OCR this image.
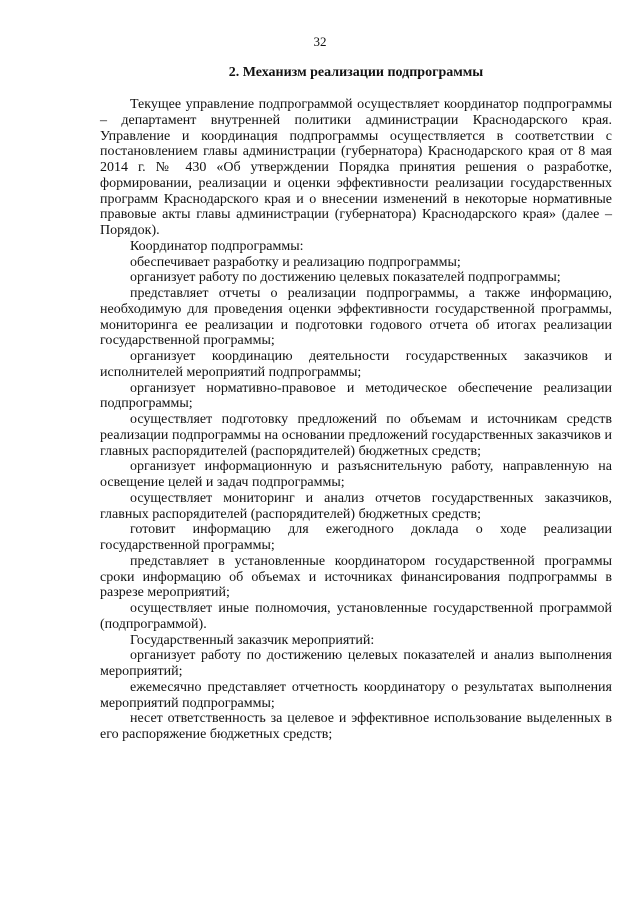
32
2. Механизм реализации подпрограммы

Текущее управление подпрограммой осуществляет координатор подпрограммы – департамент внутренней политики администрации Краснодарского края. Управление и координация подпрограммы осуществляется в соответствии с постановлением главы администрации (губернатора) Краснодарского края от 8 мая 2014 г. № 430 «Об утверждении Порядка принятия решения о разработке, формировании, реализации и оценки эффективности реализации государственных программ Краснодарского края и о внесении изменений в некоторые нормативные правовые акты главы администрации (губернатора) Краснодарского края» (далее – Порядок).

Координатор подпрограммы:

обеспечивает разработку и реализацию подпрограммы;

организует работу по достижению целевых показателей подпрограммы;

представляет отчеты о реализации подпрограммы, а также информацию, необходимую для проведения оценки эффективности государственной программы, мониторинга ее реализации и подготовки годового отчета об итогах реализации государственной программы;

организует координацию деятельности государственных заказчиков и исполнителей мероприятий подпрограммы;

организует нормативно-правовое и методическое обеспечение реализации подпрограммы;

осуществляет подготовку предложений по объемам и источникам средств реализации подпрограммы на основании предложений государственных заказчиков и главных распорядителей (распорядителей) бюджетных средств;

организует информационную и разъяснительную работу, направленную на освещение целей и задач подпрограммы;

осуществляет мониторинг и анализ отчетов государственных заказчиков, главных распорядителей (распорядителей) бюджетных средств;

готовит информацию для ежегодного доклада о ходе реализации государственной программы;

представляет в установленные координатором государственной программы сроки информацию об объемах и источниках финансирования подпрограммы в разрезе мероприятий;

осуществляет иные полномочия, установленные государственной программой (подпрограммой).

Государственный заказчик мероприятий:

организует работу по достижению целевых показателей и анализ выполнения мероприятий;

ежемесячно представляет отчетность координатору о результатах выполнения мероприятий подпрограммы;

несет ответственность за целевое и эффективное использование выделенных в его распоряжение бюджетных средств;
